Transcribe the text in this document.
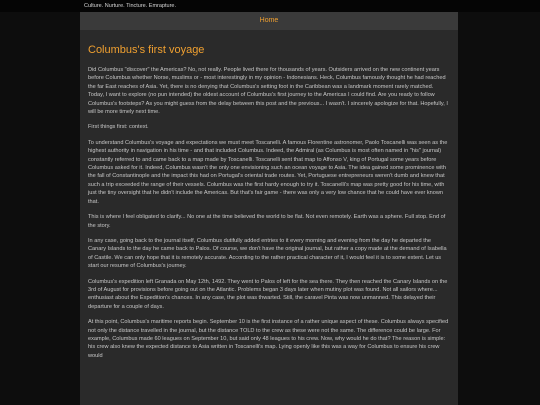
Culture. Nurture. Tincture. Emrapture.
Home
Columbus's first voyage

Did Columbus "discover" the Americas? No, not really. People lived there for thousands of years. Outsiders arrived on the new continent years before Columbus whether Norse, muslims or - most interestingly in my opinion - Indonesians. Heck, Columbus famously thought he had reached the far East reaches of Asia. Yet, there is no denying that Columbus's setting foot in the Caribbean was a landmark moment rarely matched. Today, I want to explore (no pun intended) the oldest account of Columbus's first journey to the Americas I could find. Are you ready to follow Columbus's footsteps? As you might guess from the delay between this post and the previous... I wasn't. I sincerely apologize for that. Hopefully, I will be more timely next time.

First things first: context.

To understand Columbus's voyage and expectations we must meet Toscanelli. A famous Florentine astronomer, Paolo Toscanelli was seen as the highest authority in navigation in his time - and that included Columbus. Indeed, the Admiral (as Columbus is most often named in "his" journal) constantly referred to and came back to a map made by Toscanelli. Toscanelli sent that map to Affonso V, king of Portugal some years before Columbus asked for it. Indeed, Columbus wasn't the only one envisioning such an ocean voyage to Asia. The idea gained some prominence with the fall of Constantinople and the impact this had on Portugal's oriental trade routes. Yet, Portuguese entrepreneurs weren't dumb and knew that such a trip exceeded the range of their vessels. Columbus was the first hardy enough to try it. Toscanelli's map was pretty good for his time, with just the tiny oversight that he didn't include the Americas. But that's fair game - there was only a very low chance that he could have ever known that.

This is where I feel obligated to clarify... No one at the time believed the world to be flat. Not even remotely. Earth was a sphere. Full stop. End of the story.

In any case, going back to the journal itself, Columbus dutifully added entries to it every morning and evening from the day he departed the Canary Islands to the day he came back to Palos. Of course, we don't have the original journal, but rather a copy made at the demand of Isabella of Castile. We can only hope that it is remotely accurate. According to the rather practical character of it, I would feel it is to some extent. Let us start our resume of Columbus's journey.

Columbus's expedition left Granada on May 12th, 1492. They went to Palos of left for the sea there. They then reached the Canary Islands on the 3rd of August for provisions before going out on the Atlantic. Problems began 3 days later when mutiny plot was found. Not all sailors where... enthusiast about the Expedition's chances. In any case, the plot was thwarted. Still, the caravel Pinta was now unmanned. This delayed their departure for a couple of days.

At this point, Columbus's maritime reports begin. September 10 is the first instance of a rather unique aspect of these. Columbus always specified not only the distance travelled in the journal, but the distance TOLD to the crew as these were not the same. The difference could be large. For example, Columbus made 60 leagues on September 10, but said only 48 leagues to his crew. Now, why would he do that? The reason is simple: his crew also knew the expected distance to Asia written in Toscanelli's map. Lying openly like this was a way for Columbus to ensure his crew would
